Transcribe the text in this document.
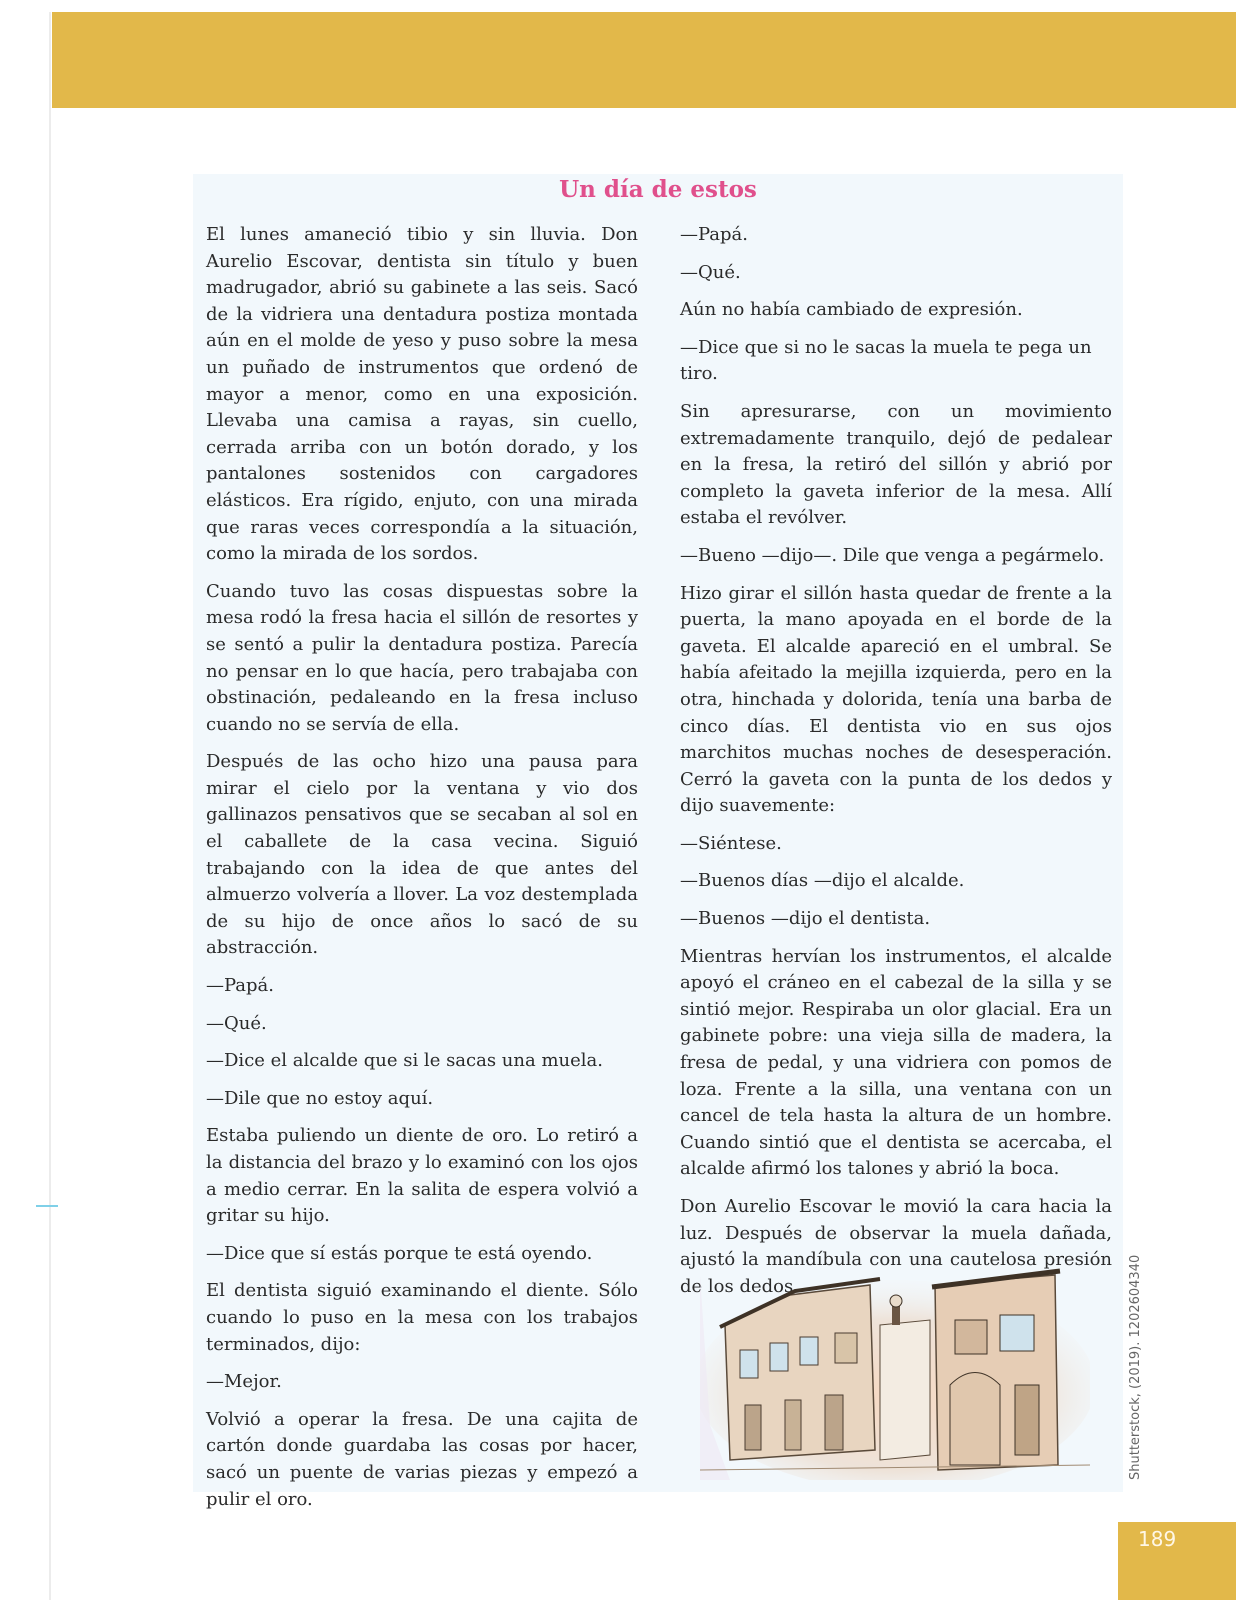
Un día de estos

El lunes amaneció tibio y sin lluvia. Don Aurelio Escovar, dentista sin título y buen madrugador, abrió su gabinete a las seis. Sacó de la vidriera una dentadura postiza montada aún en el molde de yeso y puso sobre la mesa un puñado de instrumentos que ordenó de mayor a menor, como en una exposición. Llevaba una camisa a rayas, sin cuello, cerrada arriba con un botón dorado, y los pantalones sostenidos con cargadores elásticos. Era rígido, enjuto, con una mirada que raras veces correspondía a la situación, como la mirada de los sordos.

Cuando tuvo las cosas dispuestas sobre la mesa rodó la fresa hacia el sillón de resortes y se sentó a pulir la dentadura postiza. Parecía no pensar en lo que hacía, pero trabajaba con obstinación, pedaleando en la fresa incluso cuando no se servía de ella.

Después de las ocho hizo una pausa para mirar el cielo por la ventana y vio dos gallinazos pensativos que se secaban al sol en el caballete de la casa vecina. Siguió trabajando con la idea de que antes del almuerzo volvería a llover. La voz destemplada de su hijo de once años lo sacó de su abstracción.

—Papá.

—Qué.

—Dice el alcalde que si le sacas una muela.

—Dile que no estoy aquí.

Estaba puliendo un diente de oro. Lo retiró a la distancia del brazo y lo examinó con los ojos a medio cerrar. En la salita de espera volvió a gritar su hijo.

—Dice que sí estás porque te está oyendo.

El dentista siguió examinando el diente. Sólo cuando lo puso en la mesa con los trabajos terminados, dijo:

—Mejor.

Volvió a operar la fresa. De una cajita de cartón donde guardaba las cosas por hacer, sacó un puente de varias piezas y empezó a pulir el oro.

—Papá.

—Qué.

Aún no había cambiado de expresión.

—Dice que si no le sacas la muela te pega un tiro.

Sin apresurarse, con un movimiento extremadamente tranquilo, dejó de pedalear en la fresa, la retiró del sillón y abrió por completo la gaveta inferior de la mesa. Allí estaba el revólver.

—Bueno —dijo—. Dile que venga a pegármelo.

Hizo girar el sillón hasta quedar de frente a la puerta, la mano apoyada en el borde de la gaveta. El alcalde apareció en el umbral. Se había afeitado la mejilla izquierda, pero en la otra, hinchada y dolorida, tenía una barba de cinco días. El dentista vio en sus ojos marchitos muchas noches de desesperación. Cerró la gaveta con la punta de los dedos y dijo suavemente:

—Siéntese.

—Buenos días —dijo el alcalde.

—Buenos —dijo el dentista.

Mientras hervían los instrumentos, el alcalde apoyó el cráneo en el cabezal de la silla y se sintió mejor. Respiraba un olor glacial. Era un gabinete pobre: una vieja silla de madera, la fresa de pedal, y una vidriera con pomos de loza. Frente a la silla, una ventana con un cancel de tela hasta la altura de un hombre. Cuando sintió que el dentista se acercaba, el alcalde afirmó los talones y abrió la boca.

Don Aurelio Escovar le movió la cara hacia la luz. Después de observar la muela dañada, ajustó la mandíbula con una cautelosa presión de los dedos.	Shutterstock, (2019). 1202604340

189
